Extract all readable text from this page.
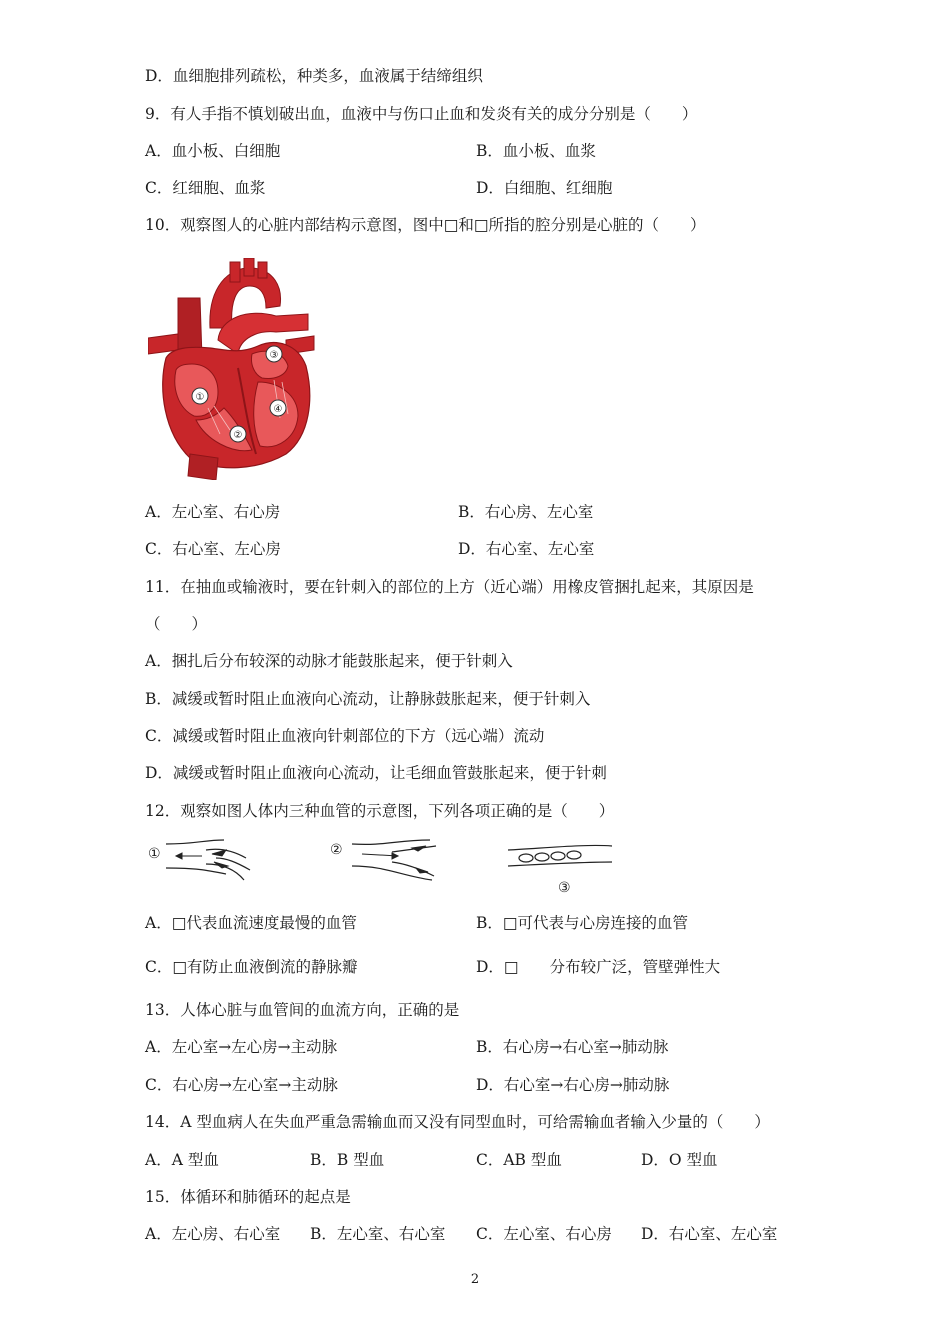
D．血细胞排列疏松，种类多，血液属于结缔组织
9．有人手指不慎划破出血，血液中与伤口止血和发炎有关的成分分别是（　　）
A．血小板、白细胞	B．血小板、血浆
C．红细胞、血浆	D．白细胞、红细胞
10．观察图人的心脏内部结构示意图，图中□和□所指的腔分别是心脏的（　　）
①
②
③
④
A．左心室、右心房	B．右心房、左心室
C．右心室、左心房	D．右心室、左心室
11．在抽血或输液时，要在针刺入的部位的上方（近心端）用橡皮管捆扎起来，其原因是
（　　）
A．捆扎后分布较深的动脉才能鼓胀起来，便于针刺入
B．减缓或暂时阻止血液向心流动，让静脉鼓胀起来，便于针刺入
C．减缓或暂时阻止血液向针刺部位的下方（远心端）流动
D．减缓或暂时阻止血液向心流动，让毛细血管鼓胀起来，便于针刺
12．观察如图人体内三种血管的示意图，下列各项正确的是（　　）
①	②
③
A．□代表血流速度最慢的血管	B．□可代表与心房连接的血管
C．□有防止血液倒流的静脉瓣	D．□　　分布较广泛，管壁弹性大
13．人体心脏与血管间的血流方向，正确的是
A．左心室→左心房→主动脉	B．右心房→右心室→肺动脉
C．右心房→左心室→主动脉	D．右心室→右心房→肺动脉
14．A 型血病人在失血严重急需输血而又没有同型血时，可给需输血者输入少量的（　　）
A．A 型血	B．B 型血	C．AB 型血	D．O 型血
15．体循环和肺循环的起点是
A．左心房、右心室 B．左心室、右心室 C．左心室、右心房 D．右心室、左心室
2
